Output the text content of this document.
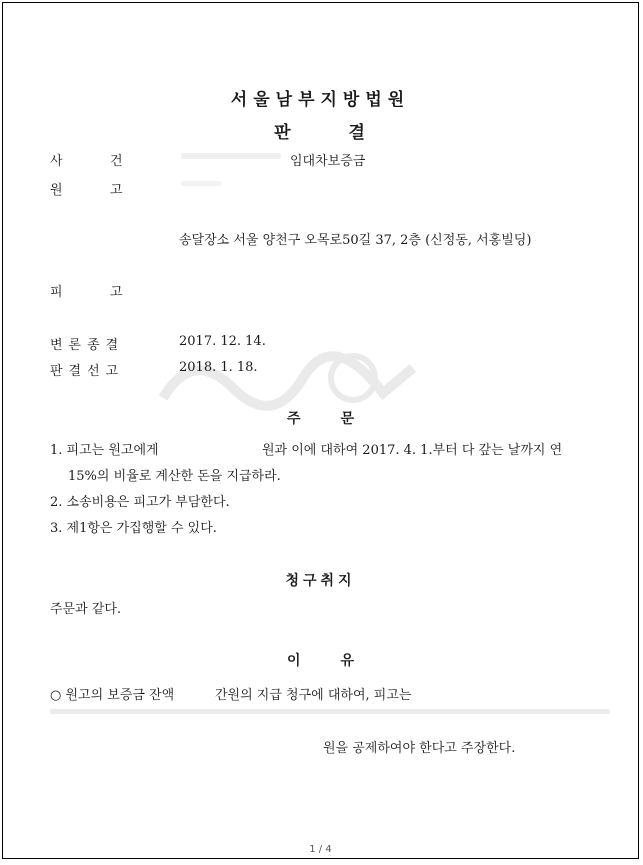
서울남부지방법원
판	결
사	건	임대차보증금
원	고
송달장소 서울 양천구 오목로50길 37, 2층 (신정동, 서홍빌딩)
피	고
변론종결	2017. 12. 14.
판결선고	2018. 1. 18.
주	문
1. 피고는 원고에게	원과 이에 대하여 2017. 4. 1.부터 다 갚는 날까지 연
15%의 비율로 계산한 돈을 지급하라.
2. 소송비용은 피고가 부담한다.
3. 제1항은 가집행할 수 있다.
청구취지
주문과 같다.
이	유
○ 원고의 보증금 잔액	간원의 지급 청구에 대하여, 피고는
원을 공제하여야 한다고 주장한다.
1 / 4
